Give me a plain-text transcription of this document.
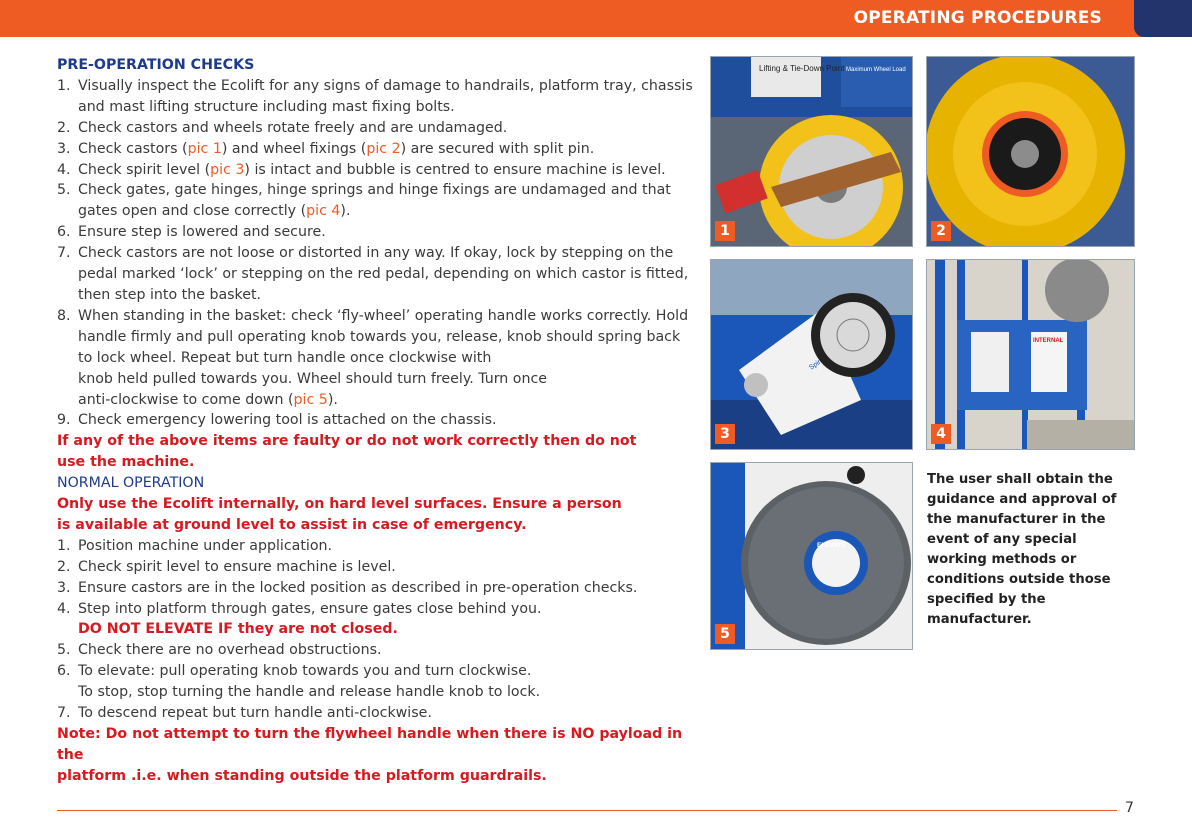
OPERATING PROCEDURES
PRE-OPERATION CHECKS
1. Visually inspect the Ecolift for any signs of damage to handrails, platform tray, chassis and mast lifting structure including mast fixing bolts.
2. Check castors and wheels rotate freely and are undamaged.
3. Check castors (pic 1) and wheel fixings (pic 2) are secured with split pin.
4. Check spirit level (pic 3) is intact and bubble is centred to ensure machine is level.
5. Check gates, gate hinges, hinge springs and hinge fixings are undamaged and that gates open and close correctly (pic 4).
6. Ensure step is lowered and secure.
7. Check castors are not loose or distorted in any way. If okay, lock by stepping on the pedal marked ‘lock’ or stepping on the red pedal, depending on which castor is fitted, then step into the basket.
8. When standing in the basket: check ‘fly-wheel’ operating handle works correctly. Hold handle firmly and pull operating knob towards you, release, knob should spring back to lock wheel. Repeat but turn handle once clockwise with
knob held pulled towards you. Wheel should turn freely. Turn once
anti-clockwise to come down (pic 5).
9. Check emergency lowering tool is attached on the chassis.
If any of the above items are faulty or do not work correctly then do not
use the machine.
NORMAL OPERATION
Only use the Ecolift internally, on hard level surfaces. Ensure a person
is available at ground level to assist in case of emergency.
1. Position machine under application.
2. Check spirit level to ensure machine is level.
3. Ensure castors are in the locked position as described in pre-operation checks.
4. Step into platform through gates, ensure gates close behind you.
DO NOT ELEVATE IF they are not closed.
5. Check there are no overhead obstructions.
6. To elevate: pull operating knob towards you and turn clockwise.
To stop, stop turning the handle and release handle knob to lock.
7. To descend repeat but turn handle anti-clockwise.
Note: Do not attempt to turn the flywheel handle when there is NO payload in the
platform .i.e. when standing outside the platform guardrails.
Lifting & Tie-Down Point Maximum Wheel Load
1	2
Spirit
3
INTERNAL
4
ELEVATE
5
The user shall obtain the guidance and approval of the manufacturer in the event of any special working methods or conditions outside those specified by the manufacturer.
7
